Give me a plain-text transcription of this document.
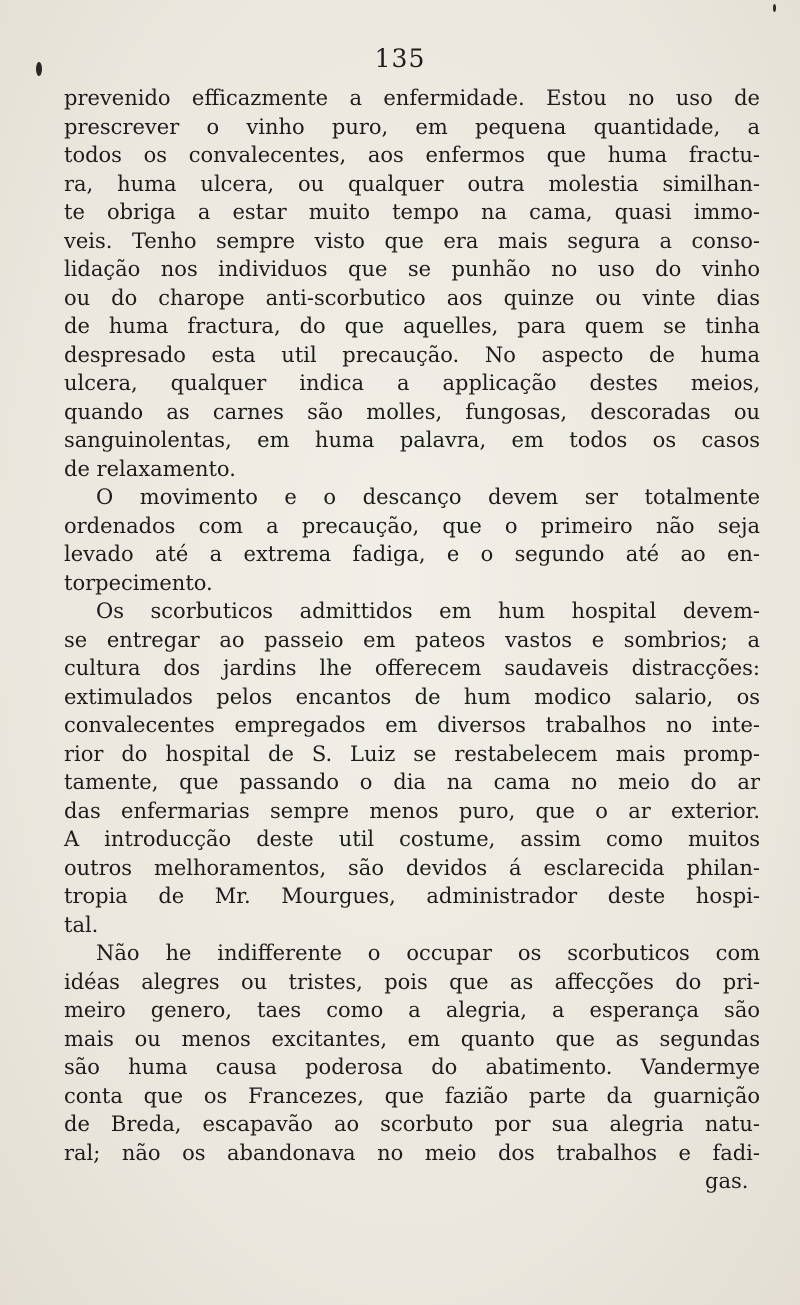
135
prevenido efficazmente a enfermidade. Estou no uso de
prescrever o vinho puro, em pequena quantidade, a
todos os convalecentes, aos enfermos que huma fractu-
ra, huma ulcera, ou qualquer outra molestia similhan-
te obriga a estar muito tempo na cama, quasi immo-
veis. Tenho sempre visto que era mais segura a conso-
lidação nos individuos que se punhão no uso do vinho
ou do charope anti-scorbutico aos quinze ou vinte dias
de huma fractura, do que aquelles, para quem se tinha
despresado esta util precaução. No aspecto de huma
ulcera, qualquer indica a applicação destes meios,
quando as carnes são molles, fungosas, descoradas ou
sanguinolentas, em huma palavra, em todos os casos
de relaxamento.
O movimento e o descanço devem ser totalmente
ordenados com a precaução, que o primeiro não seja
levado até a extrema fadiga, e o segundo até ao en-
torpecimento.
Os scorbuticos admittidos em hum hospital devem-
se entregar ao passeio em pateos vastos e sombrios; a
cultura dos jardins lhe offerecem saudaveis distracções:
extimulados pelos encantos de hum modico salario, os
convalecentes empregados em diversos trabalhos no inte-
rior do hospital de S. Luiz se restabelecem mais promp-
tamente, que passando o dia na cama no meio do ar
das enfermarias sempre menos puro, que o ar exterior.
A introducção deste util costume, assim como muitos
outros melhoramentos, são devidos á esclarecida philan-
tropia de Mr. Mourgues, administrador deste hospi-
tal.
Não he indifferente o occupar os scorbuticos com
idéas alegres ou tristes, pois que as affecções do pri-
meiro genero, taes como a alegria, a esperança são
mais ou menos excitantes, em quanto que as segundas
são huma causa poderosa do abatimento. Vandermye
conta que os Francezes, que fazião parte da guarnição
de Breda, escapavão ao scorbuto por sua alegria natu-
ral; não os abandonava no meio dos trabalhos e fadi-
gas.
